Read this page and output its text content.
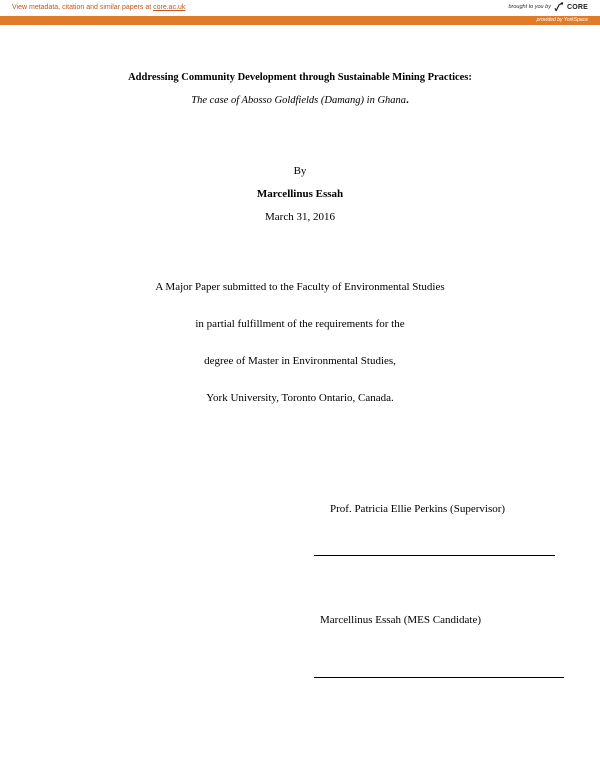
View metadata, citation and similar papers at core.ac.uk	brought to you by CORE
provided by YorkSpace
Addressing Community Development through Sustainable Mining Practices:
The case of Abosso Goldfields (Damang) in Ghana.
By
Marcellinus Essah
March 31, 2016
A Major Paper submitted to the Faculty of Environmental Studies
in partial fulfillment of the requirements for the
degree of Master in Environmental Studies,
York University, Toronto Ontario, Canada.
Prof. Patricia Ellie Perkins (Supervisor)
Marcellinus Essah (MES Candidate)
